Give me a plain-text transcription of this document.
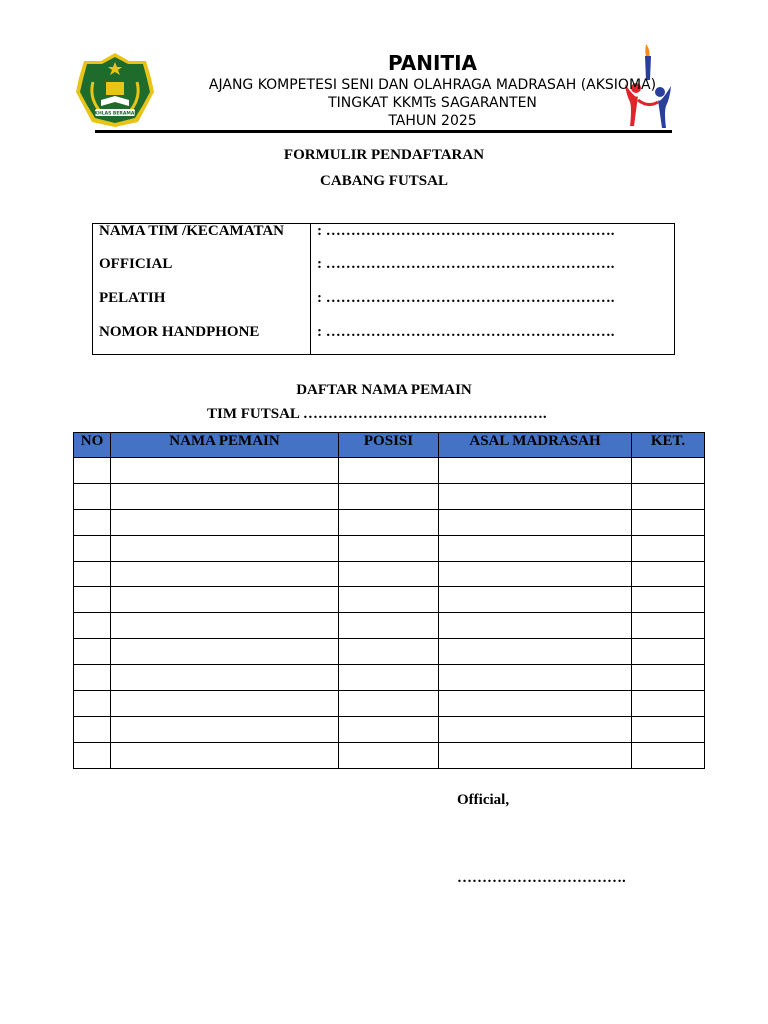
IKHLAS BERAMAL
PANITIA
AJANG KOMPETESI SENI DAN OLAHRAGA MADRASAH (AKSIOMA)
TINGKAT KKMTs SAGARANTEN
TAHUN 2025
FORMULIR PENDAFTARAN
CABANG FUTSAL
NAMA TIM /KECAMATAN : ………………………………………………….
OFFICIAL	: ………………………………………………….
PELATIH	: ………………………………………………….
NOMOR HANDPHONE	: ………………………………………………….
DAFTAR NAMA PEMAIN
TIM FUTSAL ………………………………………….
NO	NAMA PEMAIN	POSISI	ASAL MADRASAH	KET.

Official,
…………………………….
